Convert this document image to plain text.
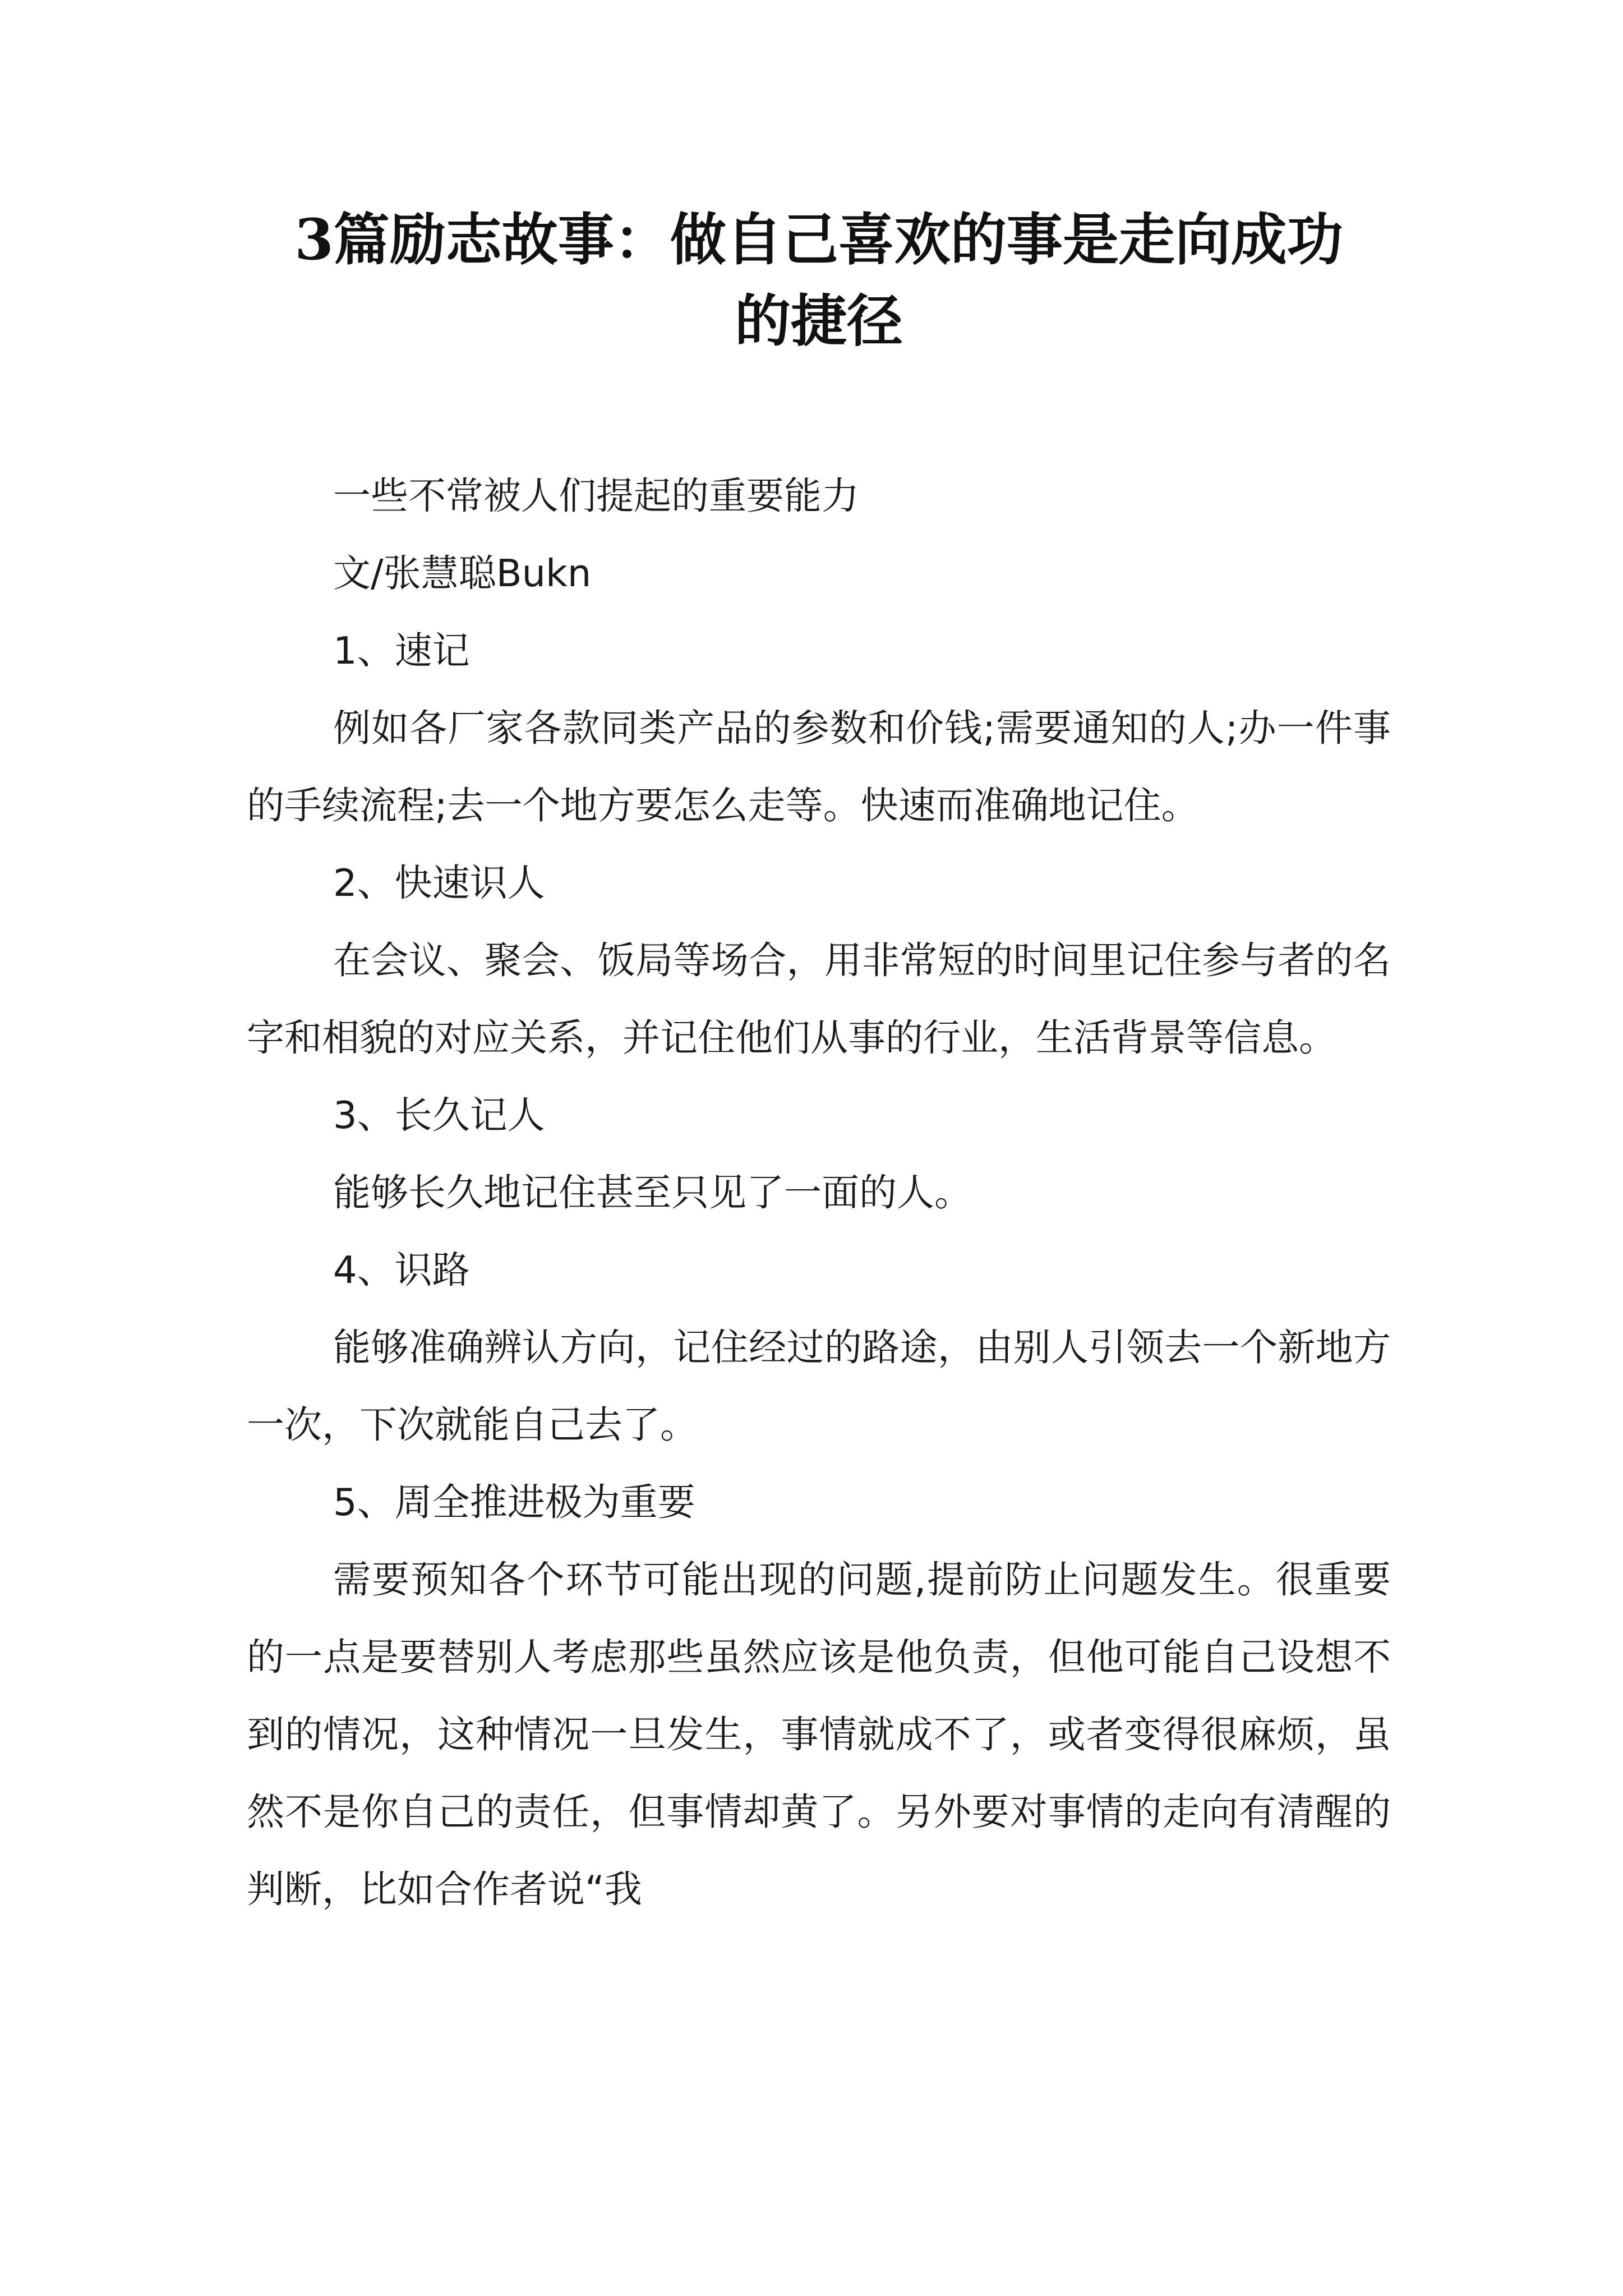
3篇励志故事：做自己喜欢的事是走向成功
的捷径

一些不常被人们提起的重要能力

文/张慧聪Bukn

1、速记

例如各厂家各款同类产品的参数和价钱;需要通知的人;办一件事的手续流程;去一个地方要怎么走等。快速而准确地记住。

2、快速识人

在会议、聚会、饭局等场合，用非常短的时间里记住参与者的名字和相貌的对应关系，并记住他们从事的行业，生活背景等信息。

3、长久记人

能够长久地记住甚至只见了一面的人。

4、识路

能够准确辨认方向，记住经过的路途，由别人引领去一个新地方一次，下次就能自己去了。

5、周全推进极为重要

需要预知各个环节可能出现的问题,提前防止问题发生。很重要的一点是要替别人考虑那些虽然应该是他负责，但他可能自己设想不到的情况，这种情况一旦发生，事情就成不了，或者变得很麻烦，虽然不是你自己的责任，但事情却黄了。另外要对事情的走向有清醒的判断，比如合作者说“我
